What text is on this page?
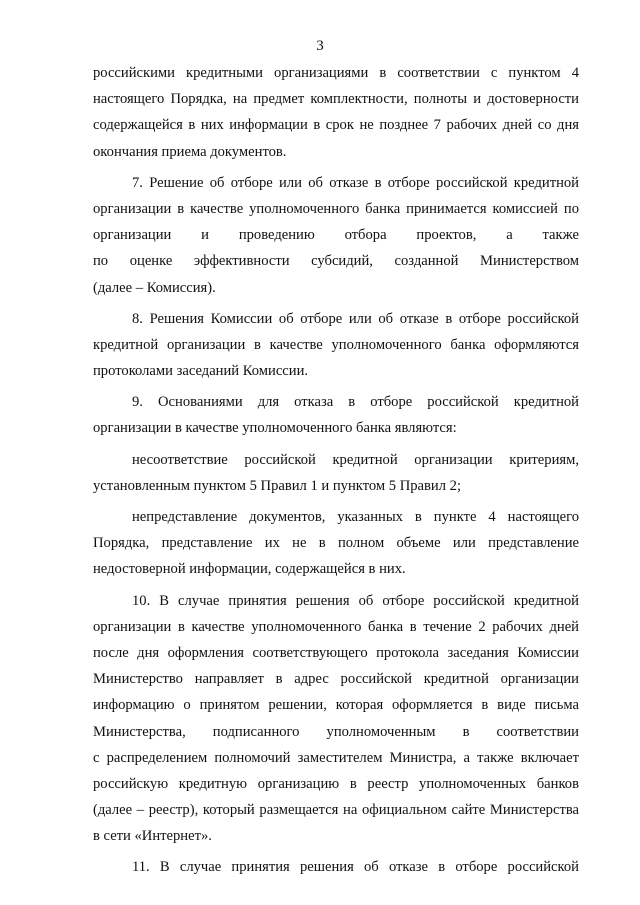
3
российскими кредитными организациями в соответствии с пунктом 4
настоящего Порядка, на предмет комплектности, полноты и достоверности
содержащейся в них информации в срок не позднее 7 рабочих дней со дня
окончания приема документов.
7. Решение об отборе или об отказе в отборе российской кредитной
организации в качестве уполномоченного банка принимается комиссией по
организации и проведению отбора проектов, а также
по оценке эффективности субсидий, созданной Министерством
(далее – Комиссия).
8. Решения Комиссии об отборе или об отказе в отборе российской
кредитной организации в качестве уполномоченного банка оформляются
протоколами заседаний Комиссии.
9. Основаниями для отказа в отборе российской кредитной
организации в качестве уполномоченного банка являются:
несоответствие российской кредитной организации критериям,
установленным пунктом 5 Правил 1 и пунктом 5 Правил 2;
непредставление документов, указанных в пункте 4 настоящего
Порядка, представление их не в полном объеме или представление
недостоверной информации, содержащейся в них.
10. В случае принятия решения об отборе российской кредитной
организации в качестве уполномоченного банка в течение 2 рабочих дней
после дня оформления соответствующего протокола заседания Комиссии
Министерство направляет в адрес российской кредитной организации
информацию о принятом решении, которая оформляется в виде письма
Министерства, подписанного уполномоченным в соответствии
с распределением полномочий заместителем Министра, а также включает
российскую кредитную организацию в реестр уполномоченных банков
(далее – реестр), который размещается на официальном сайте Министерства
в сети «Интернет».
11. В случае принятия решения об отказе в отборе российской
